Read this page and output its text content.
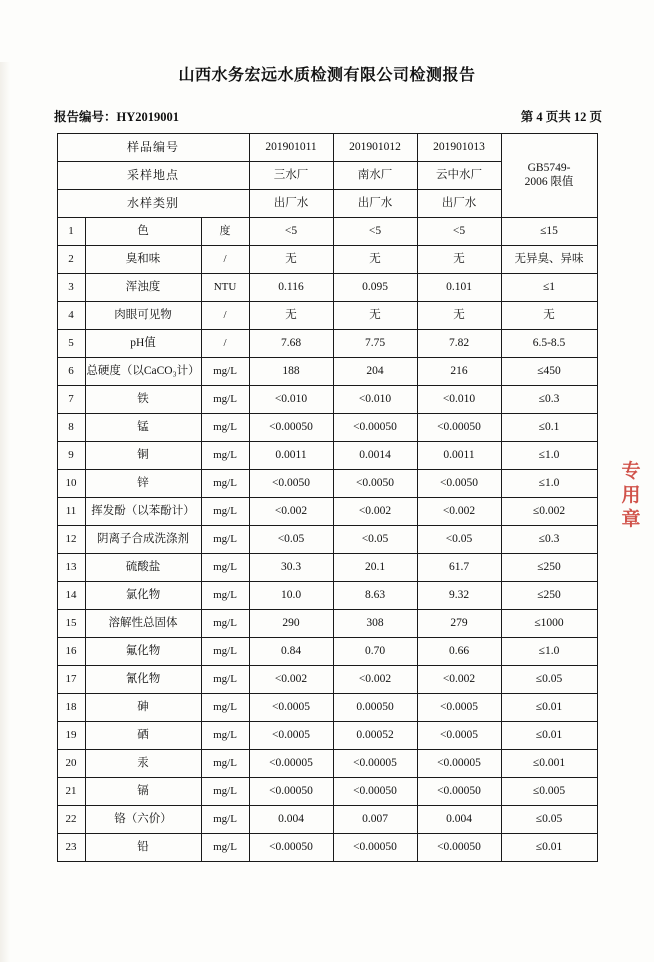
山西水务宏远水质检测有限公司检测报告
报告编号：HY2019001	第 4 页共 12 页
样品编号			201901011	201901012	201901013	GB5749-
2006 限值

采样地点			三水厂	南水厂	云中水厂	
水样类别			出厂水	出厂水	出厂水	
1	色	度	<5	<5	<5	≤15
2	臭和味	/	无	无	无	无异臭、异味
3	浑浊度	NTU	0.116	0.095	0.101	≤1
4	肉眼可见物	/	无	无	无	无
5	pH值	/	7.68	7.75	7.82	6.5-8.5
6	总硬度（以CaCO₃计）	mg/L	188	204	216	≤450
7	铁	mg/L	<0.010	<0.010	<0.010	≤0.3
8	锰	mg/L	<0.00050	<0.00050	<0.00050	≤0.1
9	铜	mg/L	0.0011	0.0014	0.0011	≤1.0
10	锌	mg/L	<0.0050	<0.0050	<0.0050	≤1.0
11	挥发酚（以苯酚计）	mg/L	<0.002	<0.002	<0.002	≤0.002
12	阴离子合成洗涤剂	mg/L	<0.05	<0.05	<0.05	≤0.3
13	硫酸盐	mg/L	30.3	20.1	61.7	≤250
14	氯化物	mg/L	10.0	8.63	9.32	≤250
15	溶解性总固体	mg/L	290	308	279	≤1000
16	氟化物	mg/L	0.84	0.70	0.66	≤1.0
17	氰化物	mg/L	<0.002	<0.002	<0.002	≤0.05
18	砷	mg/L	<0.0005	0.00050	<0.0005	≤0.01
19	硒	mg/L	<0.0005	0.00052	<0.0005	≤0.01
20	汞	mg/L	<0.00005	<0.00005	<0.00005	≤0.001
21	镉	mg/L	<0.00050	<0.00050	<0.00050	≤0.005
22	铬（六价）	mg/L	0.004	0.007	0.004	≤0.05
23	铅	mg/L	<0.00050	<0.00050	<0.00050	≤0.01
专
用
章
